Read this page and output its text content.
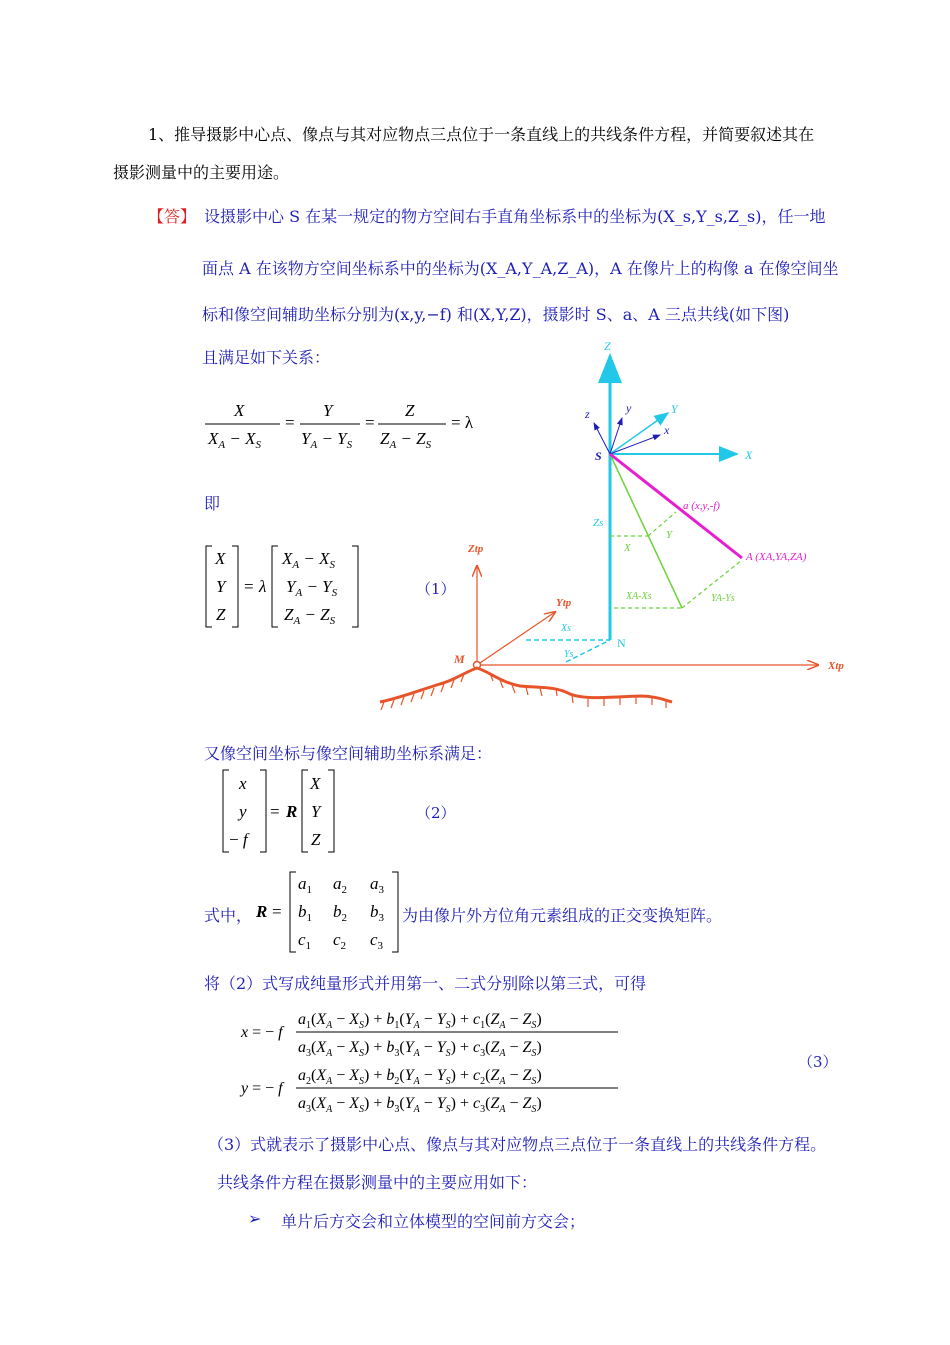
1、推导摄影中心点、像点与其对应物点三点位于一条直线上的共线条件方程，并简要叙述其在
摄影测量中的主要用途。
【答】 设摄影中心 S 在某一规定的物方空间右手直角坐标系中的坐标为(X_s,Y_s,Z_s)，任一地
面点 A 在该物方空间坐标系中的坐标为(X_A,Y_A,Z_A)，A 在像片上的构像 a 在像空间坐
标和像空间辅助坐标分别为(x,y,−f) 和(X,Y,Z)，摄影时 S、a、A 三点共线(如下图)
且满足如下关系：
X
$X_A - X_S$
=
Y
$Y_A - Y_S$
=
Z
$Z_A - Z_S$
= λ
X
Y
Z
= λ
$X_A - X_S$
$Y_A - Y_S$
$Z_A - Z_S$
x
y
− f
= R
X
Y
Z
R =
$a_1$ $a_2$ $a_3$
$b_1$ $b_2$ $b_3$
$c_1$ $c_2$ $c_3$
x = − f
$a_1(X_A - X_S) + b_1(Y_A - Y_S) + c_1(Z_A - Z_S)$
$a_3(X_A - X_S) + b_3(Y_A - Y_S) + c_3(Z_A - Z_S)$
y = − f
$a_2(X_A - X_S) + b_2(Y_A - Y_S) + c_2(Z_A - Z_S)$
$a_3(X_A - X_S) + b_3(Y_A - Y_S) + c_3(Z_A - Z_S)$
Z
X
Y
S
z	y
x
a (x,y,-f)
A (XA,YA,ZA)
Zs
X
Y
XA-Xs	YA-Ys
Xs
Ys
N
M
Ztp
Ytp
Xtp
即
（1）
又像空间坐标与像空间辅助坐标系满足：
（2）
式中，	为由像片外方位角元素组成的正交变换矩阵。
将（2）式写成纯量形式并用第一、二式分别除以第三式，可得
（3）
（3）式就表示了摄影中心点、像点与其对应物点三点位于一条直线上的共线条件方程。
共线条件方程在摄影测量中的主要应用如下：
➢ 单片后方交会和立体模型的空间前方交会；
